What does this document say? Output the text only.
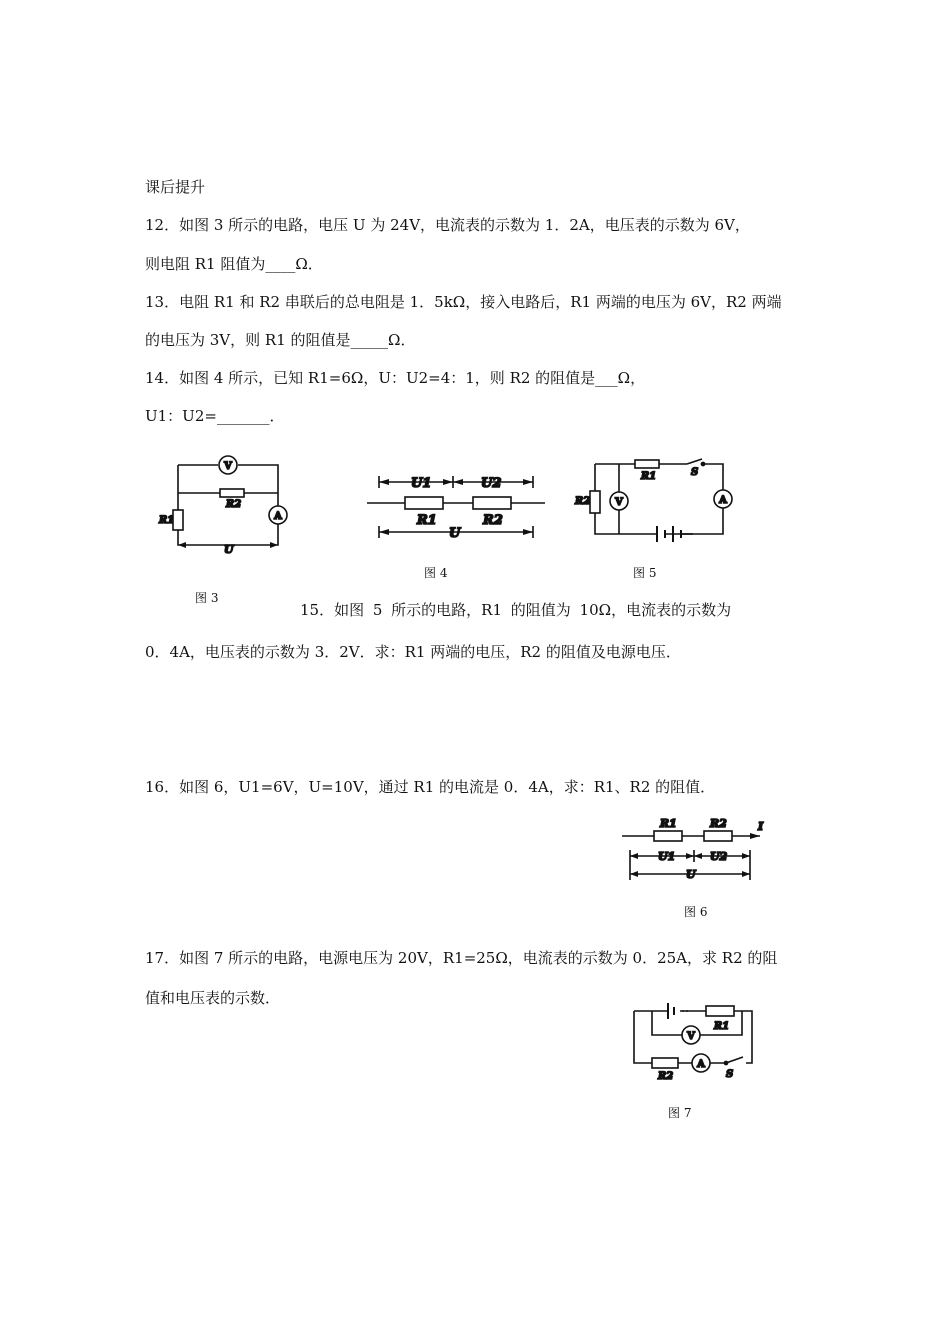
课后提升
12．如图 3 所示的电路，电压 U 为 24V，电流表的示数为 1．2A，电压表的示数为 6V，
则电阻 R1 阻值为____Ω．
13．电阻 R1 和 R2 串联后的总电阻是 1．5kΩ，接入电路后，R1 两端的电压为 6V，R2 两端
的电压为 3V，则 R1 的阻值是_____Ω．
14．如图 4 所示，已知 R1=6Ω，U：U2=4：1，则 R2 的阻值是___Ω，
U1：U2=_______．
V
A
R2
R1
U
图 3
U1	U2
R1	R2
U
图 4
R1	S
R2 V	A
图 5
15．如图 5 所示的电路，R1 的阻值为 10Ω，电流表的示数为
0．4A，电压表的示数为 3．2V．求：R1 两端的电压，R2 的阻值及电源电压．
16．如图 6，U1=6V，U=10V，通过 R1 的电流是 0．4A，求：R1、R2 的阻值．
R1	R2	I
U1	U2
U
图 6
17．如图 7 所示的电路，电源电压为 20V，R1=25Ω，电流表的示数为 0．25A，求 R2 的阻
值和电压表的示数．
R1
V
A
R2	S
图 7
